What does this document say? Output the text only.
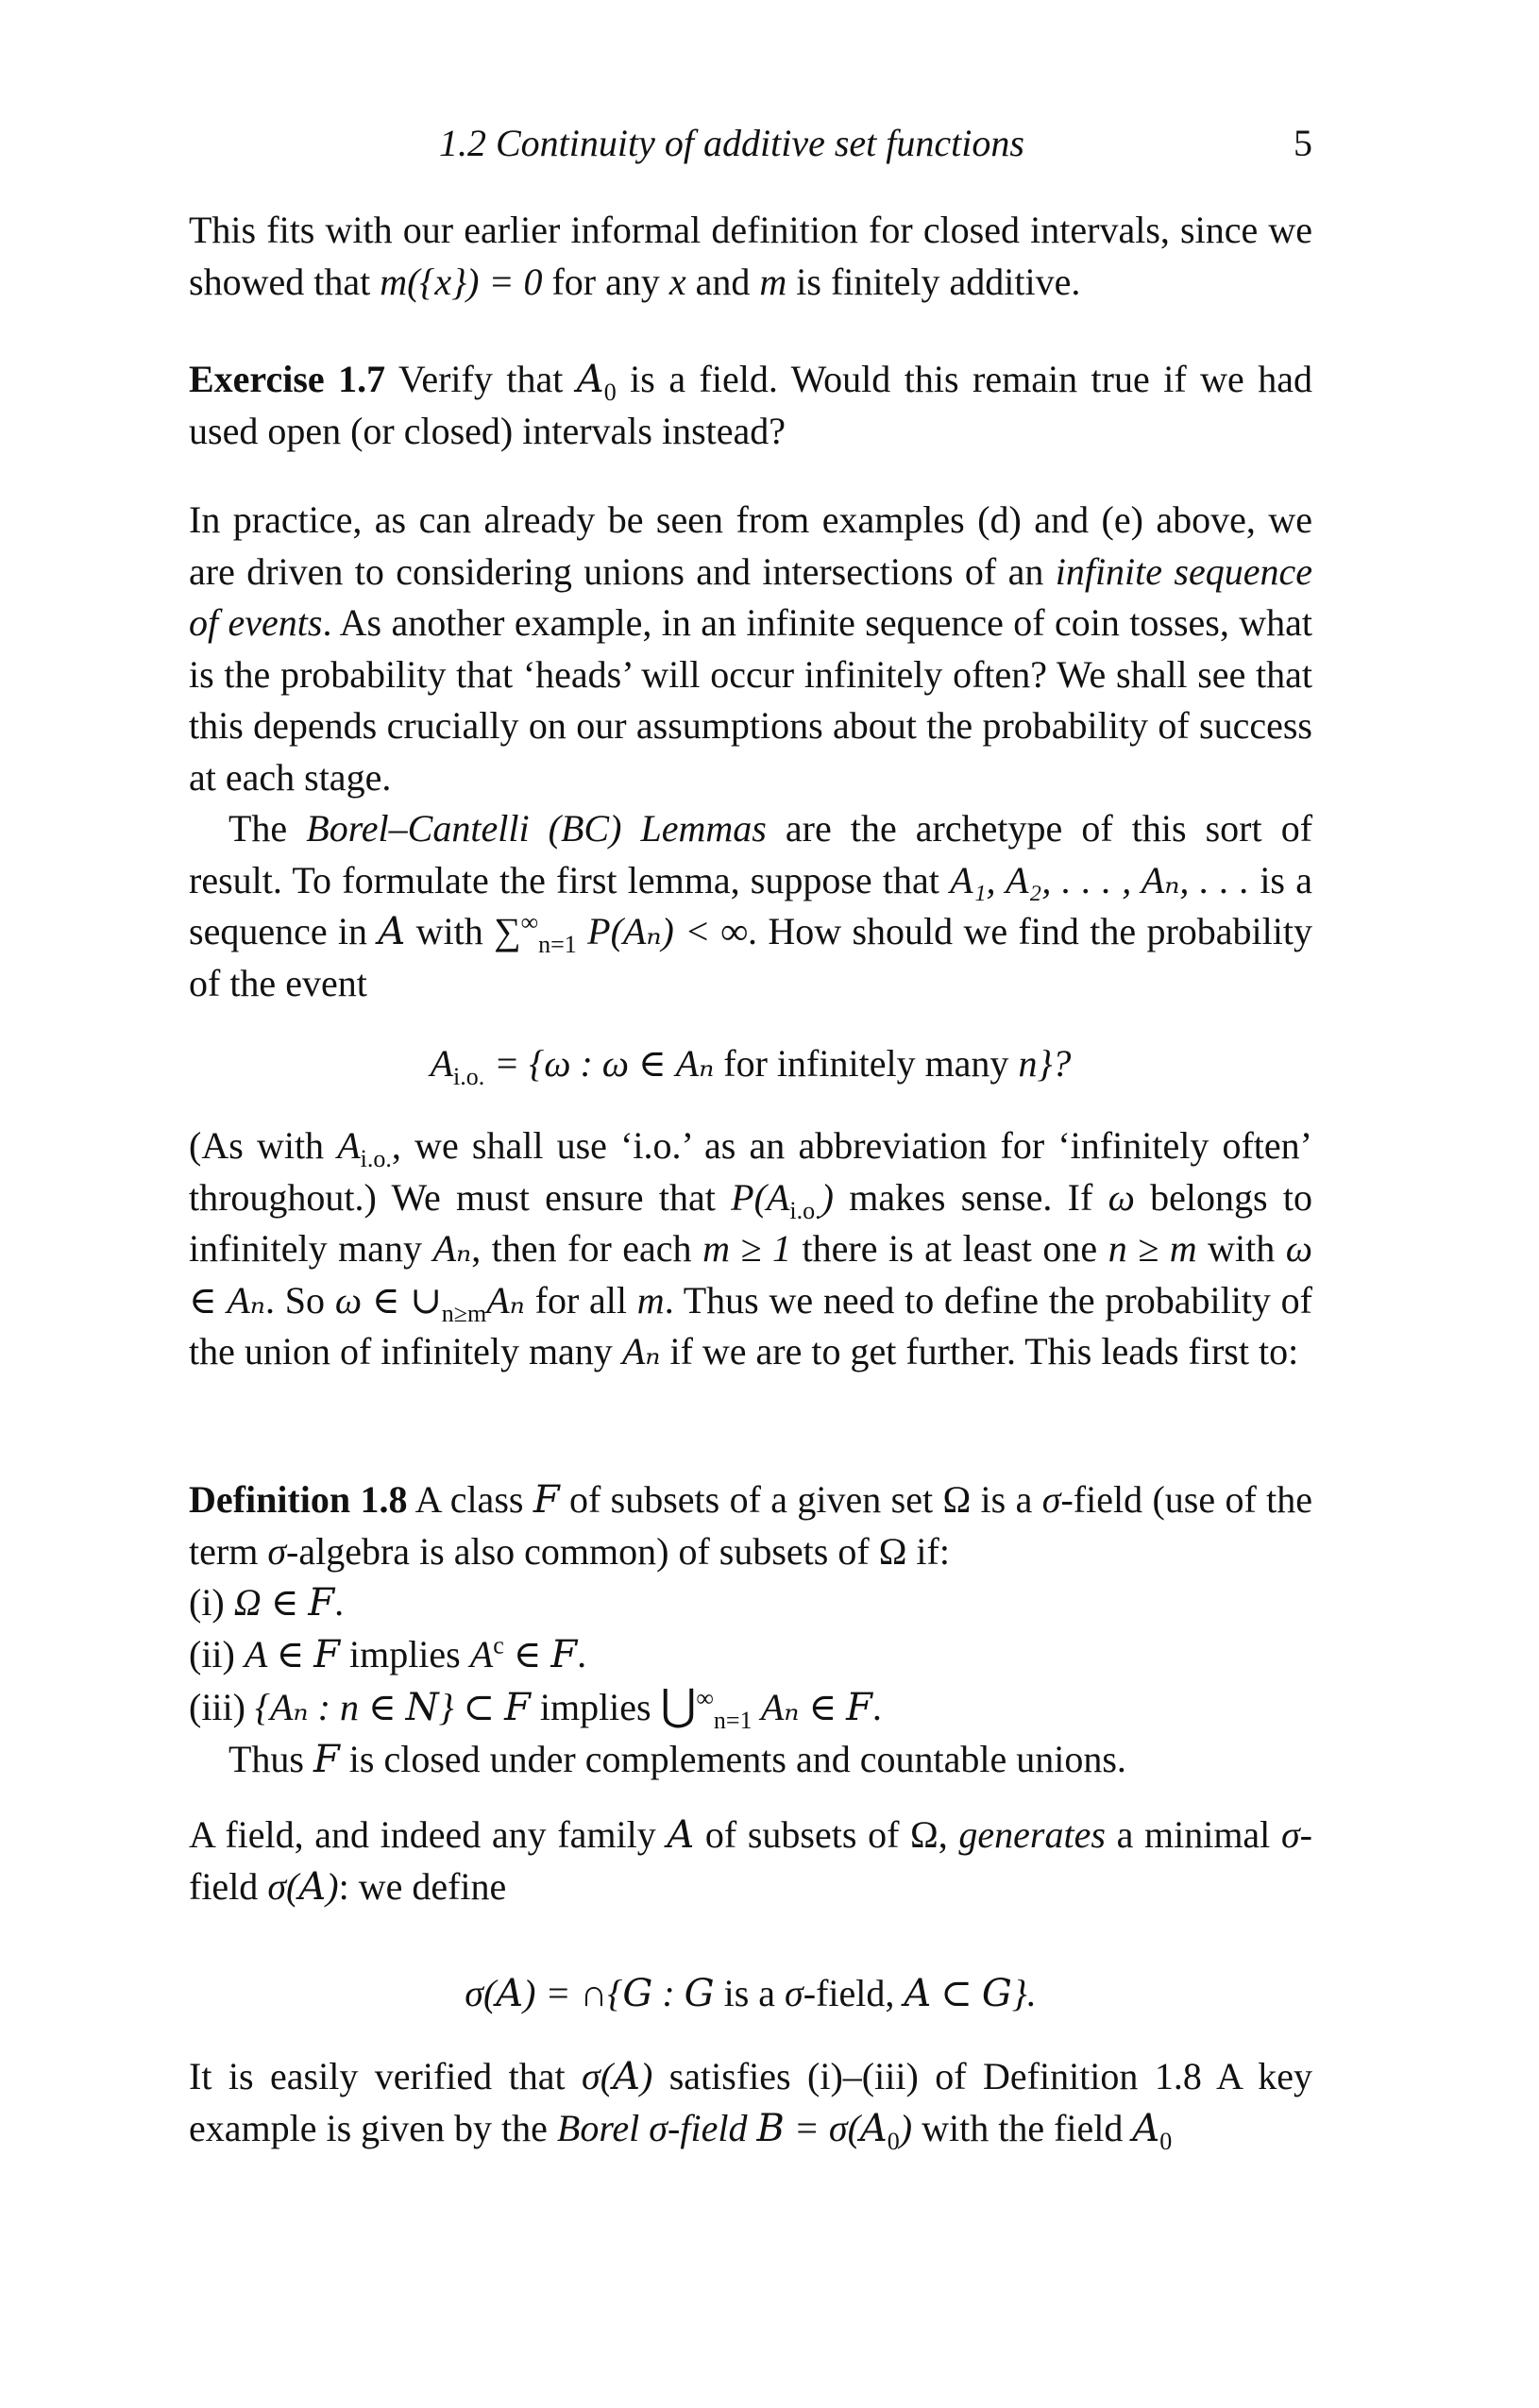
1.2 Continuity of additive set functions	5

This fits with our earlier informal definition for closed intervals, since we showed that m({x}) = 0 for any x and m is finitely additive.

Exercise 1.7 Verify that $A_0$ is a field. Would this remain true if we had used open (or closed) intervals instead?

In practice, as can already be seen from examples (d) and (e) above, we are driven to considering unions and intersections of an infinite sequence of events. As another example, in an infinite sequence of coin tosses, what is the probability that ‘heads’ will occur infinitely often? We shall see that this depends crucially on our assumptions about the probability of success at each stage.

The Borel–Cantelli (BC) Lemmas are the archetype of this sort of result. To formulate the first lemma, suppose that A₁, A₂, . . . , Aₙ, . . . is a sequence in A with $\sum^\infty_{n=1}$ P(Aₙ) < ∞. How should we find the probability of the event

$A_{i.o.} = \{\omega$ : ω ∈ Aₙ for infinitely many n}?

(As with $A_{i.o.}$, we shall use ‘i.o.’ as an abbreviation for ‘infinitely often’ throughout.) We must ensure that $P(A_{i.o.})$ makes sense. If ω belongs to infinitely many Aₙ, then for each m ≥ 1 there is at least one n ≥ m with ω ∈ Aₙ. So ω ∈ $\cup_{n\ge m}A_n$ for all m. Thus we need to define the probability of the union of infinitely many Aₙ if we are to get further. This leads first to:

Definition 1.8 A class F of subsets of a given set Ω is a σ-field (use of the term σ-algebra is also common) of subsets of Ω if:
(i) Ω ∈ F.
(ii) A ∈ F implies $A^c$ ∈ F.
(iii) {Aₙ : n ∈ N} ⊂ F implies $⋃^\infty_{n=1}$ Aₙ ∈ F.
Thus F is closed under complements and countable unions.

A field, and indeed any family A of subsets of Ω, generates a minimal σ-field σ(A): we define

σ(A) = ∩{G : G is a σ-field, A ⊂ G}.

It is easily verified that σ(A) satisfies (i)–(iii) of Definition 1.8 A key example is given by the Borel σ-field $B = \sigma(A_0)$ with the field $A_0$
